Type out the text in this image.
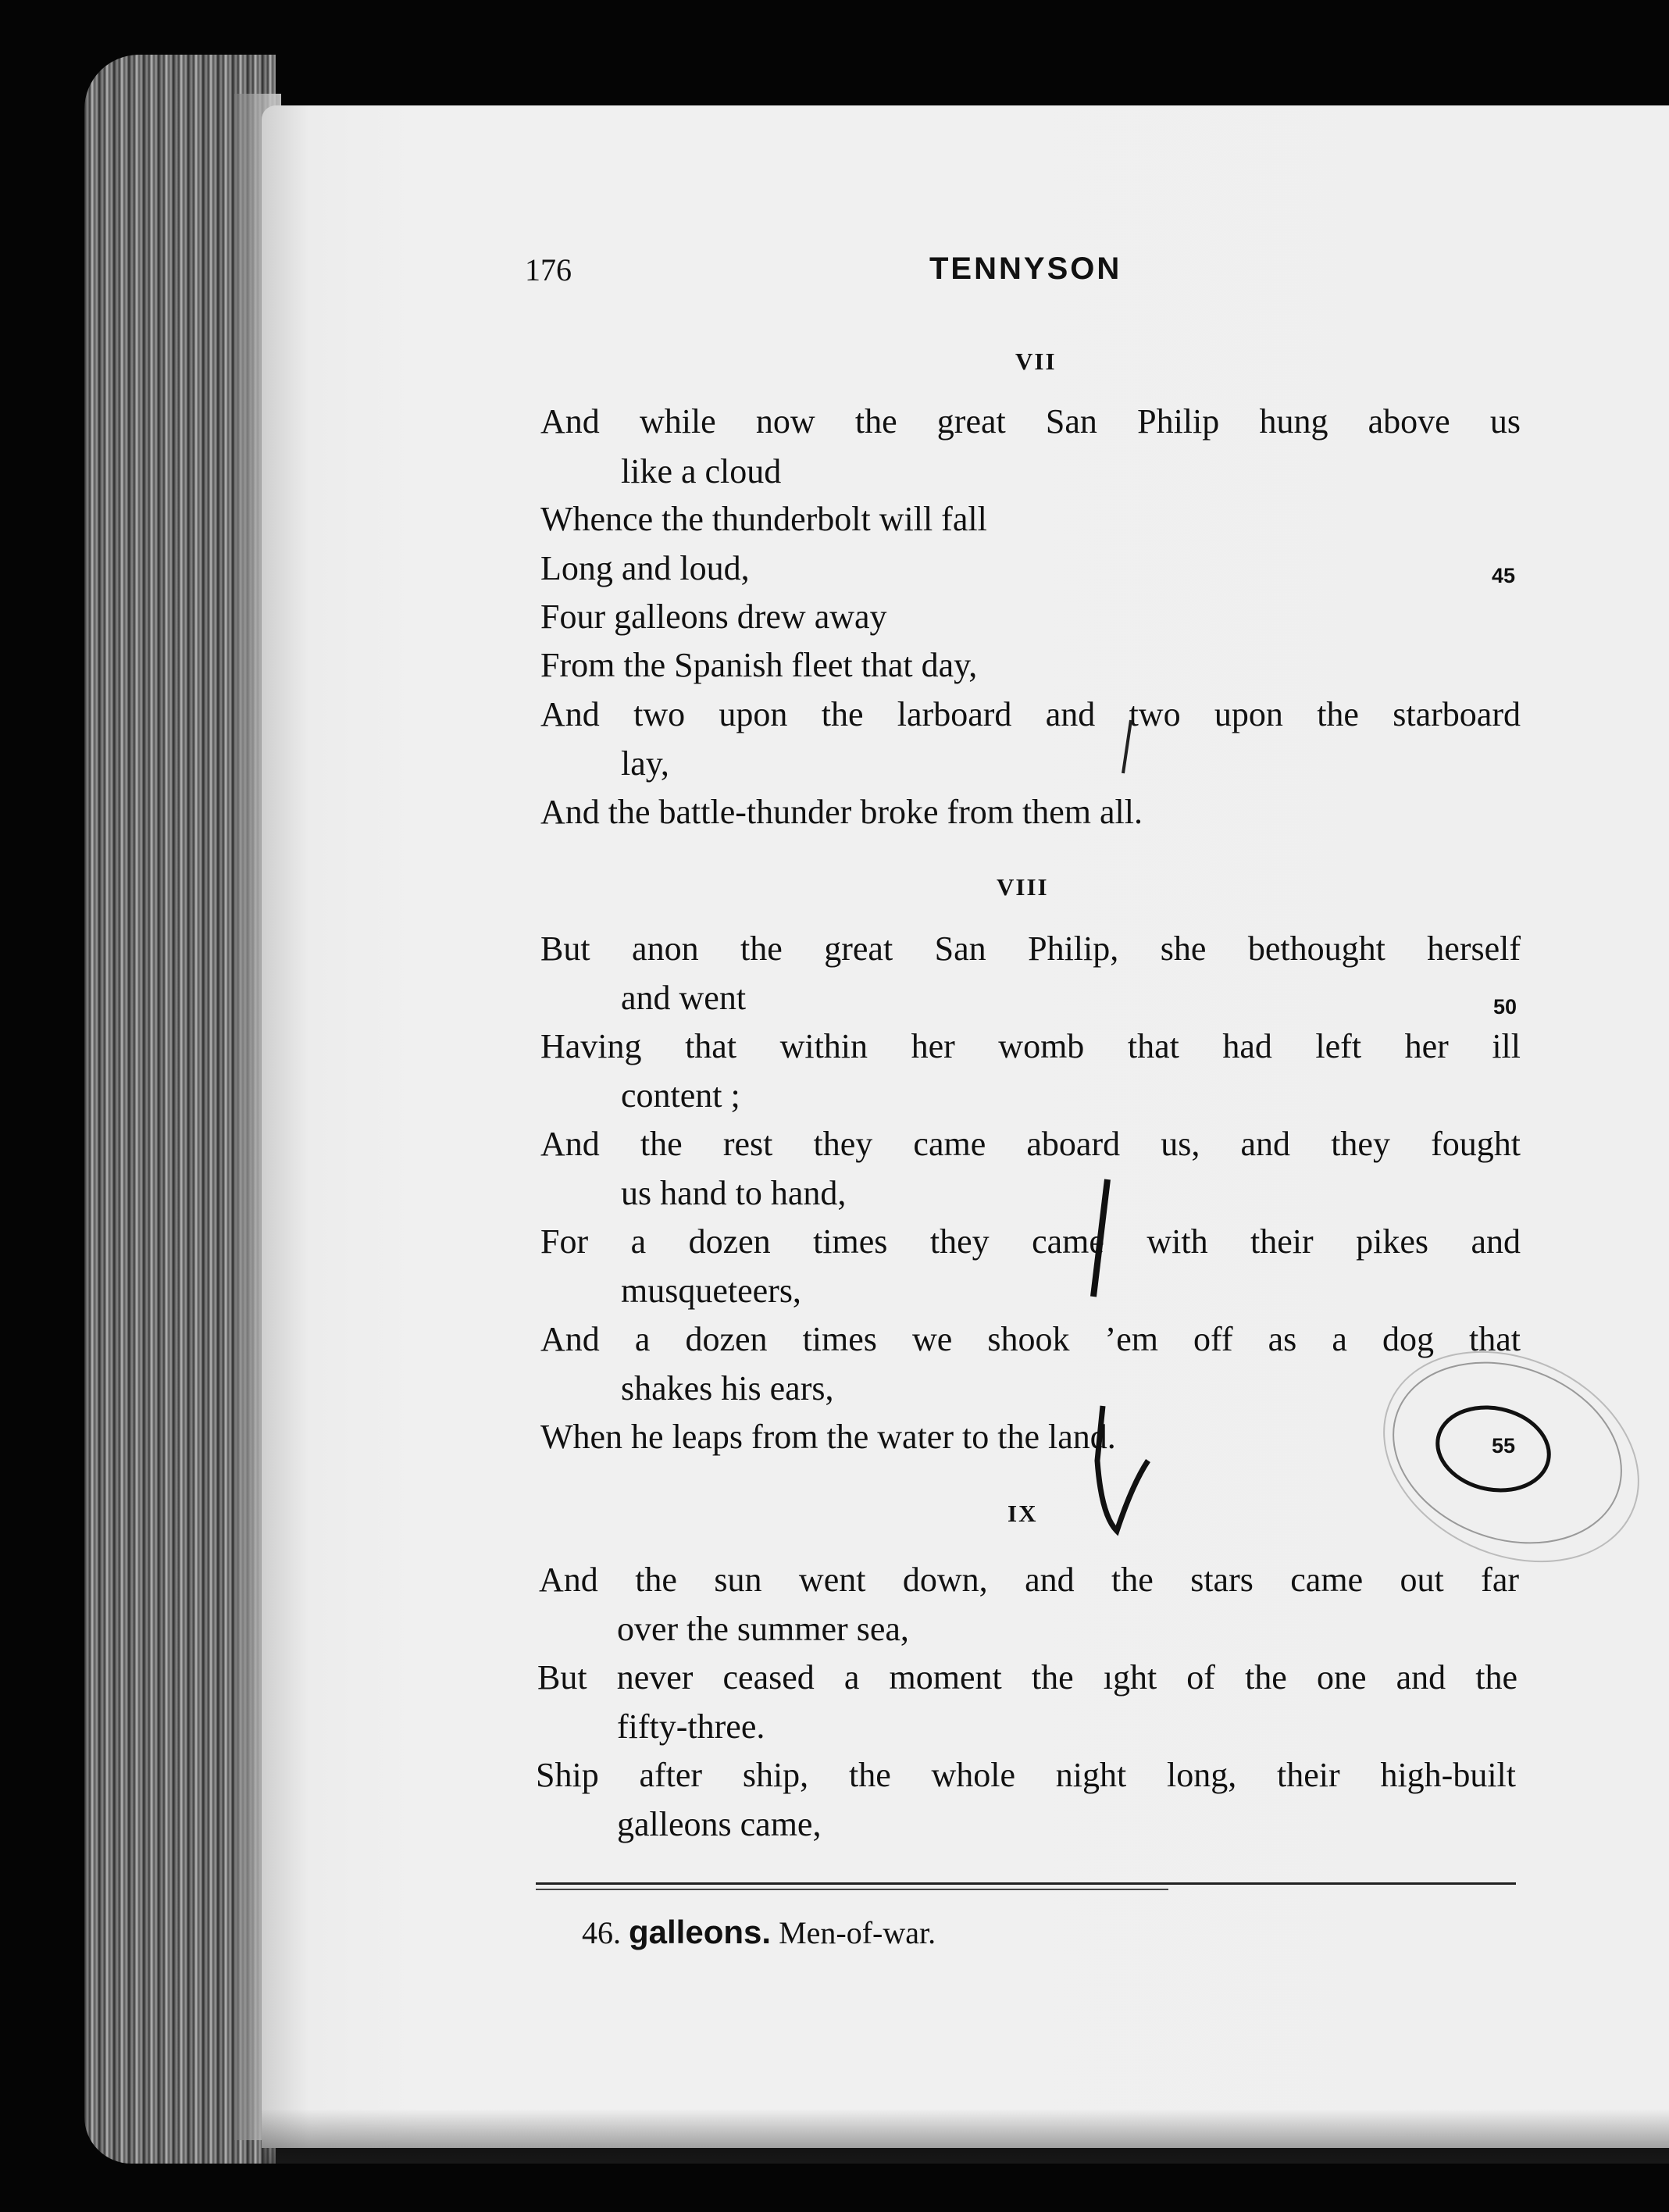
176	TENNYSON
VII
And while now the great San Philip hung above us
like a cloud
Whence the thunderbolt will fall
Long and loud,	45
Four galleons drew away
From the Spanish fleet that day,
And two upon the larboard and two upon the starboard
lay,
And the battle-thunder broke from them all.
VIII
But anon the great San Philip, she bethought herself
and went	50
Having that within her womb that had left her ill
content ;
And the rest they came aboard us, and they fought
us hand to hand,
For a dozen times they came with their pikes and
musqueteers,
And a dozen times we shook ’em off as a dog that
shakes his ears,
When he leaps from the water to the land.	55
IX
And the sun went down, and the stars came out far
over the summer sea,
But never ceased a moment the ıght of the one and the
fifty-three.
Ship after ship, the whole night long, their high-built
galleons came,
46. galleons. Men-of-war.
